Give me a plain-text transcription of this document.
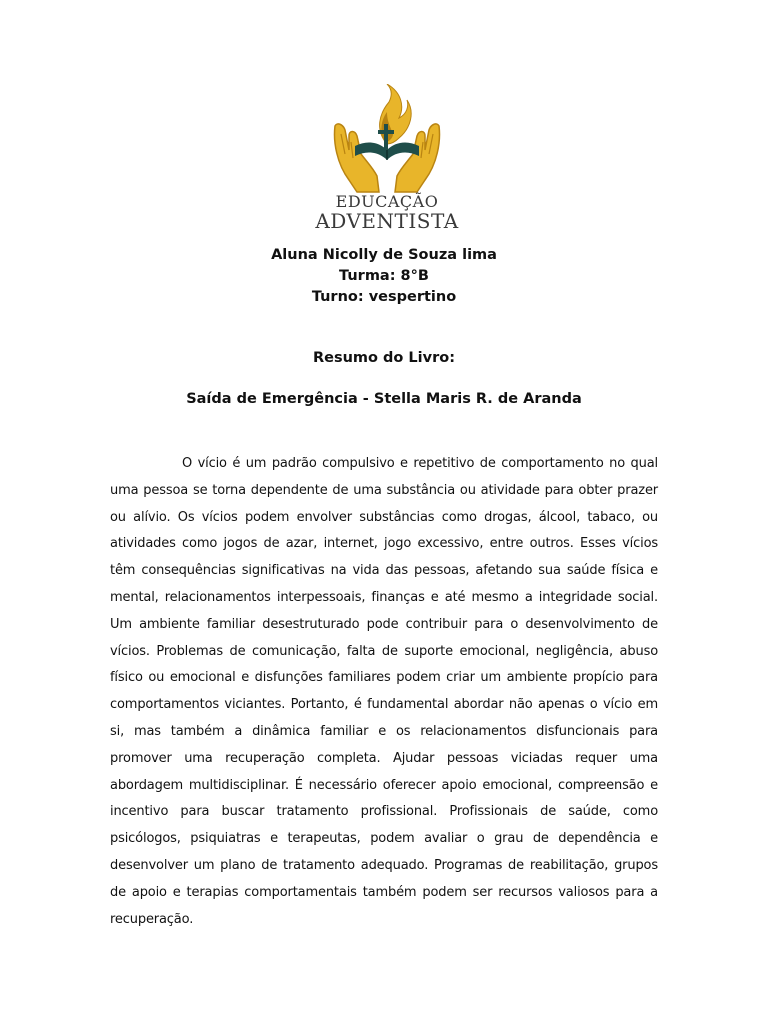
EDUCAÇÃO
ADVENTISTA
Aluna Nicolly de Souza lima
Turma: 8°B
Turno: vespertino
Resumo do Livro:
Saída de Emergência - Stella Maris R. de Aranda

O vício é um padrão compulsivo e repetitivo de comportamento no qual uma pessoa se torna dependente de uma substância ou atividade para obter prazer ou alívio. Os vícios podem envolver substâncias como drogas, álcool, tabaco, ou atividades como jogos de azar, internet, jogo excessivo, entre outros. Esses vícios têm consequências significativas na vida das pessoas, afetando sua saúde física e mental, relacionamentos interpessoais, finanças e até mesmo a integridade social. Um ambiente familiar desestruturado pode contribuir para o desenvolvimento de vícios. Problemas de comunicação, falta de suporte emocional, negligência, abuso físico ou emocional e disfunções familiares podem criar um ambiente propício para comportamentos viciantes. Portanto, é fundamental abordar não apenas o vício em si, mas também a dinâmica familiar e os relacionamentos disfuncionais para promover uma recuperação completa. Ajudar pessoas viciadas requer uma abordagem multidisciplinar. É necessário oferecer apoio emocional, compreensão e incentivo para buscar tratamento profissional. Profissionais de saúde, como psicólogos, psiquiatras e terapeutas, podem avaliar o grau de dependência e desenvolver um plano de tratamento adequado. Programas de reabilitação, grupos de apoio e terapias comportamentais também podem ser recursos valiosos para a recuperação.
